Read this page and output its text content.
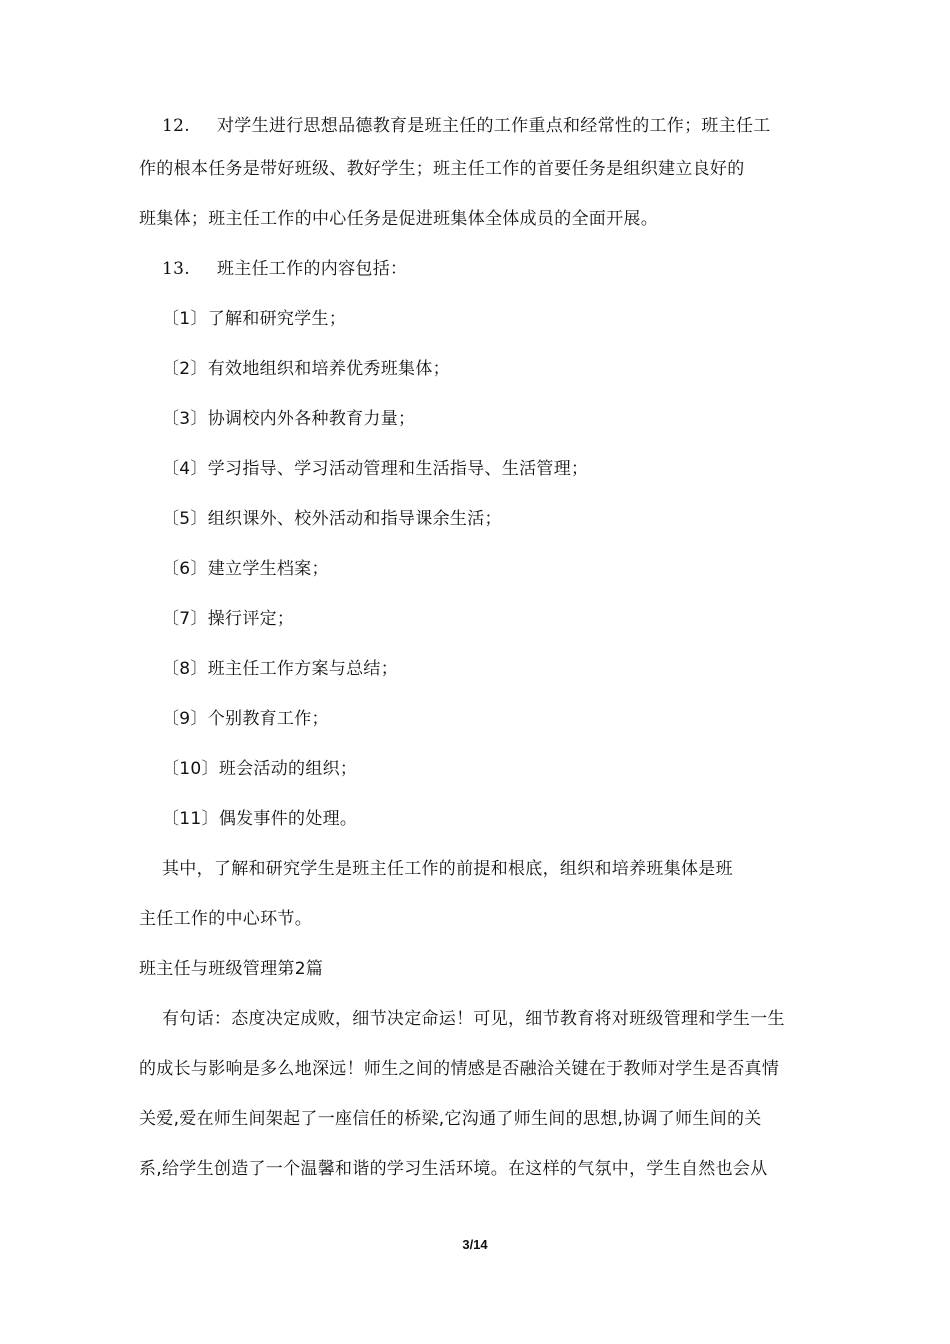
12. 对学生进行思想品德教育是班主任的工作重点和经常性的工作；班主任工
作的根本任务是带好班级、教好学生；班主任工作的首要任务是组织建立良好的
班集体；班主任工作的中心任务是促进班集体全体成员的全面开展。
13. 班主任工作的内容包括：
〔1〕了解和研究学生；
〔2〕有效地组织和培养优秀班集体；
〔3〕协调校内外各种教育力量；
〔4〕学习指导、学习活动管理和生活指导、生活管理；
〔5〕组织课外、校外活动和指导课余生活；
〔6〕建立学生档案；
〔7〕操行评定；
〔8〕班主任工作方案与总结；
〔9〕个别教育工作；
〔10〕班会活动的组织；
〔11〕偶发事件的处理。
其中，了解和研究学生是班主任工作的前提和根底，组织和培养班集体是班
主任工作的中心环节。
班主任与班级管理第2篇
有句话：态度决定成败，细节决定命运！可见，细节教育将对班级管理和学生一生
的成长与影响是多么地深远！师生之间的情感是否融洽关键在于教师对学生是否真情
关爱,爱在师生间架起了一座信任的桥梁,它沟通了师生间的思想,协调了师生间的关
系,给学生创造了一个温馨和谐的学习生活环境。在这样的气氛中，学生自然也会从
3/14
